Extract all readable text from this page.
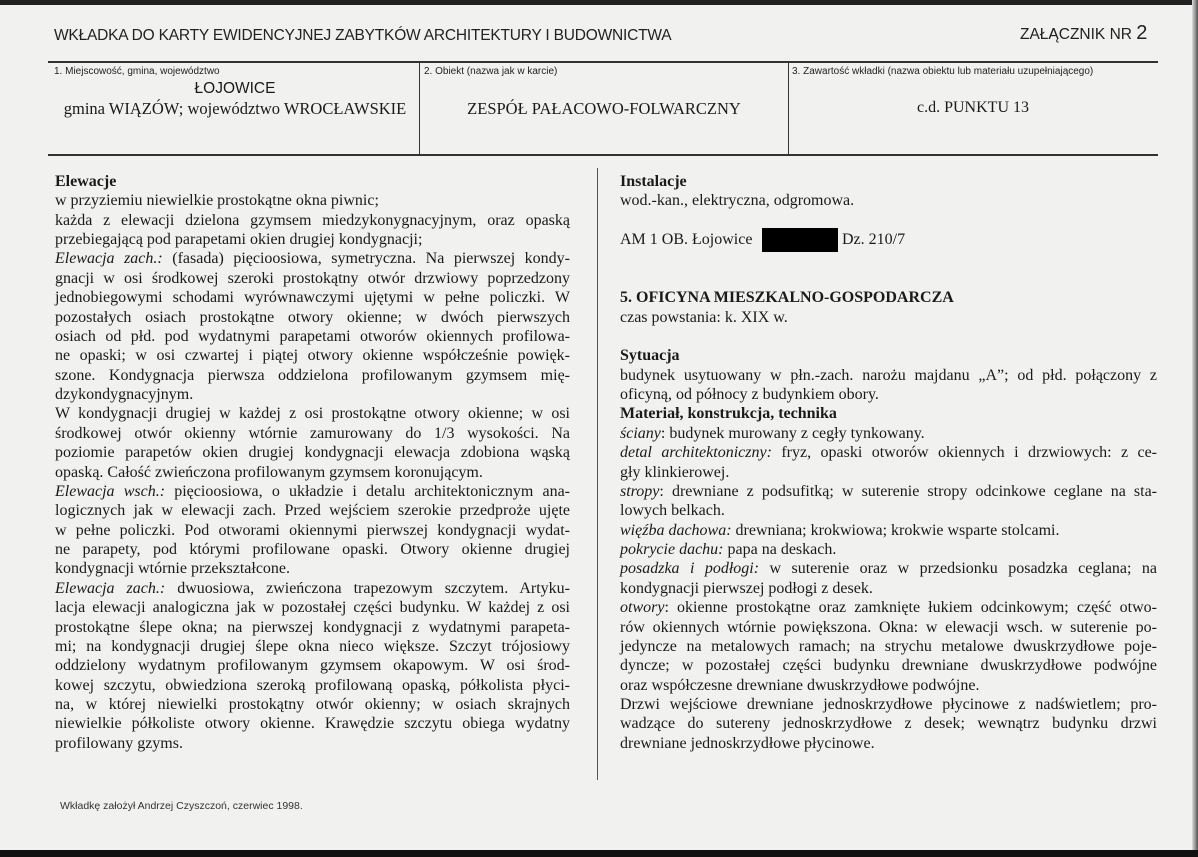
WKŁADKA DO KARTY EWIDENCYJNEJ ZABYTKÓW ARCHITEKTURY I BUDOWNICTWA	ZAŁĄCZNIK NR 2
1. Miejscowość, gmina, województwo
ŁOJOWICE
gmina WIĄZÓW; województwo WROCŁAWSKIE
2. Obiekt (nazwa jak w karcie)
ZESPÓŁ PAŁACOWO-FOLWARCZNY
3. Zawartość wkładki (nazwa obiektu lub materiału uzupełniającego)
c.d. PUNKTU 13
Elewacje
w przyziemiu niewielkie prostokątne okna piwnic;
każda z elewacji dzielona gzymsem miedzykonygnacyjnym, oraz opaską
przebiegającą pod parapetami okien drugiej kondygnacji;
Elewacja zach.: (fasada) pięcioosiowa, symetryczna. Na pierwszej kondy-
gnacji w osi środkowej szeroki prostokątny otwór drzwiowy poprzedzony
jednobiegowymi schodami wyrównawczymi ujętymi w pełne policzki. W
pozostałych osiach prostokątne otwory okienne; w dwóch pierwszych
osiach od płd. pod wydatnymi parapetami otworów okiennych profilowa-
ne opaski; w osi czwartej i piątej otwory okienne współcześnie powięk-
szone. Kondygnacja pierwsza oddzielona profilowanym gzymsem mię-
dzykondygnacyjnym.
W kondygnacji drugiej w każdej z osi prostokątne otwory okienne; w osi
środkowej otwór okienny wtórnie zamurowany do 1/3 wysokości. Na
poziomie parapetów okien drugiej kondygnacji elewacja zdobiona wąską
opaską. Całość zwieńczona profilowanym gzymsem koronującym.
Elewacja wsch.: pięcioosiowa, o układzie i detalu architektonicznym ana-
logicznych jak w elewacji zach. Przed wejściem szerokie przedproże ujęte
w pełne policzki. Pod otworami okiennymi pierwszej kondygnacji wydat-
ne parapety, pod którymi profilowane opaski. Otwory okienne drugiej
kondygnacji wtórnie przekształcone.
Elewacja zach.: dwuosiowa, zwieńczona trapezowym szczytem. Artyku-
lacja elewacji analogiczna jak w pozostałej części budynku. W każdej z osi
prostokątne ślepe okna; na pierwszej kondygnacji z wydatnymi parapeta-
mi; na kondygnacji drugiej ślepe okna nieco większe. Szczyt trójosiowy
oddzielony wydatnym profilowanym gzymsem okapowym. W osi środ-
kowej szczytu, obwiedziona szeroką profilowaną opaską, półkolista płyci-
na, w której niewielki prostokątny otwór okienny; w osiach skrajnych
niewielkie półkoliste otwory okienne. Krawędzie szczytu obiega wydatny
profilowany gzyms.
Instalacje
wod.-kan., elektryczna, odgromowa.
AM 1 OB. Łojowice	Dz. 210/7
5. OFICYNA MIESZKALNO-GOSPODARCZA
czas powstania: k. XIX w.
Sytuacja
budynek usytuowany w płn.-zach. narożu majdanu „A”; od płd. połączony z
oficyną, od północy z budynkiem obory.
Materiał, konstrukcja, technika
ściany: budynek murowany z cegły tynkowany.
detal architektoniczny: fryz, opaski otworów okiennych i drzwiowych: z ce-
gły klinkierowej.
stropy: drewniane z podsufitką; w suterenie stropy odcinkowe ceglane na sta-
lowych belkach.
więźba dachowa: drewniana; krokwiowa; krokwie wsparte stolcami.
pokrycie dachu: papa na deskach.
posadzka i podłogi: w suterenie oraz w przedsionku posadzka ceglana; na
kondygnacji pierwszej podłogi z desek.
otwory: okienne prostokątne oraz zamknięte łukiem odcinkowym; część otwo-
rów okiennych wtórnie powiększona. Okna: w elewacji wsch. w suterenie po-
jedyncze na metalowych ramach; na strychu metalowe dwuskrzydłowe poje-
dyncze; w pozostałej części budynku drewniane dwuskrzydłowe podwójne
oraz współczesne drewniane dwuskrzydłowe podwójne.
Drzwi wejściowe drewniane jednoskrzydłowe płycinowe z nadświetlem; pro-
wadzące do sutereny jednoskrzydłowe z desek; wewnątrz budynku drzwi
drewniane jednoskrzydłowe płycinowe.
Wkładkę założył Andrzej Czyszczoń, czerwiec 1998.
